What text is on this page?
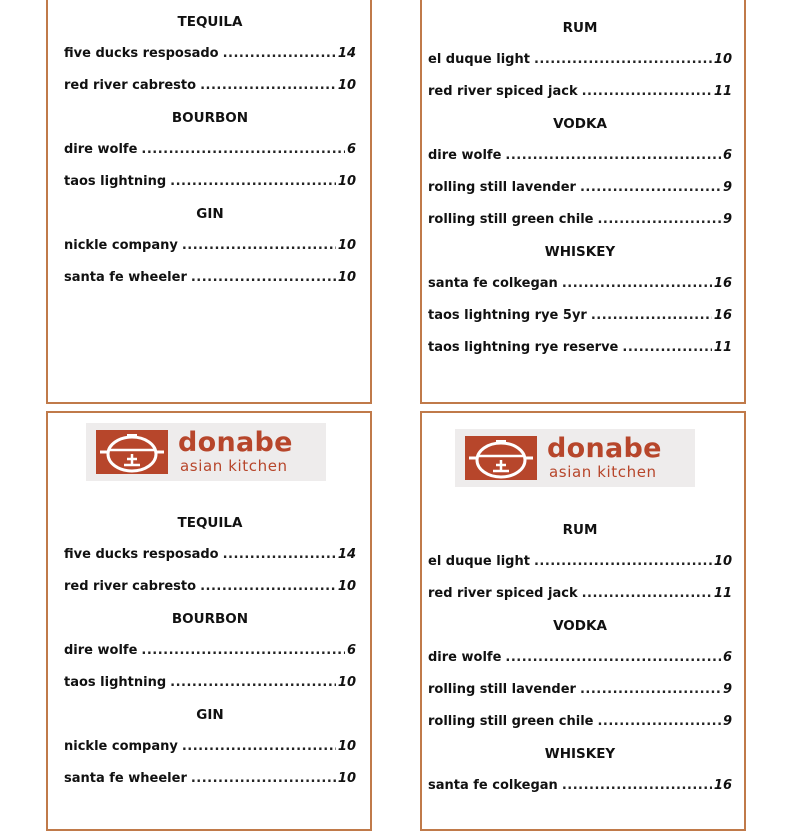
TEQUILA
five ducks resposado .....	14
red river cabresto .....	10
BOURBON
dire wolfe .....	6
taos lightning .....	10
GIN
nickle company .....	10
santa fe wheeler .....	10
RUM
el duque light .....	10
red river spiced jack .....	11
VODKA
dire wolfe .....	6
rolling still lavender .....	9
rolling still green chile .....	9
WHISKEY
santa fe colkegan .....	16
taos lightning rye 5yr .....	16
taos lightning rye reserve .....	11
donabe
asian kitchen
TEQUILA
five ducks resposado .....	14
red river cabresto .....	10
BOURBON
dire wolfe .....	6
taos lightning .....	10
GIN
nickle company .....	10
santa fe wheeler .....	10
donabe
asian kitchen
RUM
el duque light .....	10
red river spiced jack .....	11
VODKA
dire wolfe .....	6
rolling still lavender .....	9
rolling still green chile .....	9
WHISKEY
santa fe colkegan .....	16
